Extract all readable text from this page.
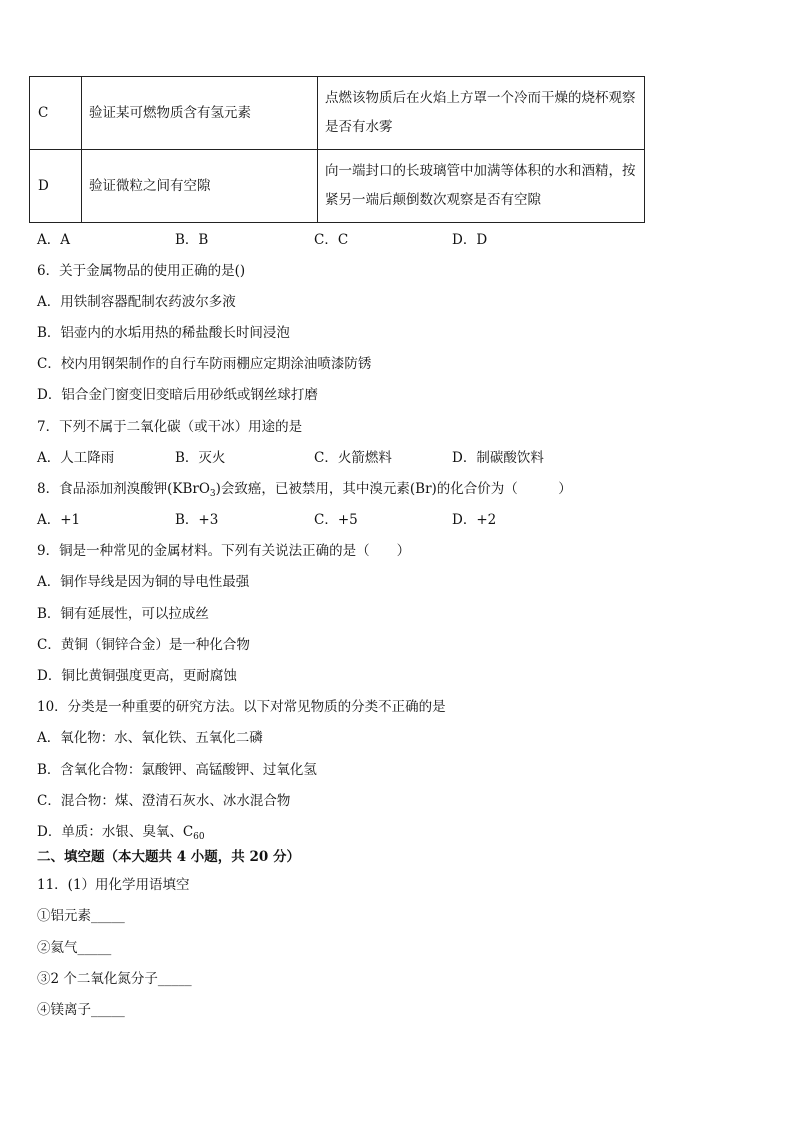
C	验证某可燃物质含有氢元素	点燃该物质后在火焰上方罩一个冷而干燥的烧杯观察是否有水雾
D	验证微粒之间有空隙	向一端封口的长玻璃管中加满等体积的水和酒精，按紧另一端后颠倒数次观察是否有空隙
A．A	B．B	C．C	D．D
6．关于金属物品的使用正确的是()
A．用铁制容器配制农药波尔多液
B．铝壶内的水垢用热的稀盐酸长时间浸泡
C．校内用钢架制作的自行车防雨棚应定期涂油喷漆防锈
D．铝合金门窗变旧变暗后用砂纸或钢丝球打磨
7．下列不属于二氧化碳（或干冰）用途的是
A．人工降雨	B．灭火	C．火箭燃料	D．制碳酸饮料
8．食品添加剂溴酸钾(KBrO$_3$)会致癌，已被禁用，其中溴元素(Br)的化合价为（　　　）
A．+1	B．+3	C．+5	D．+2
9．铜是一种常见的金属材料。下列有关说法正确的是（　　）
A．铜作导线是因为铜的导电性最强
B．铜有延展性，可以拉成丝
C．黄铜（铜锌合金）是一种化合物
D．铜比黄铜强度更高，更耐腐蚀
10．分类是一种重要的研究方法。以下对常见物质的分类不正确的是
A．氧化物：水、氧化铁、五氧化二磷
B．含氧化合物：氯酸钾、高锰酸钾、过氧化氢
C．混合物：煤、澄清石灰水、冰水混合物
D．单质：水银、臭氧、$C_{60}$
二、填空题（本大题共 4 小题，共 20 分）
11．(1）用化学用语填空
①铝元素_____
②氦气_____
③2 个二氧化氮分子_____
④镁离子_____
